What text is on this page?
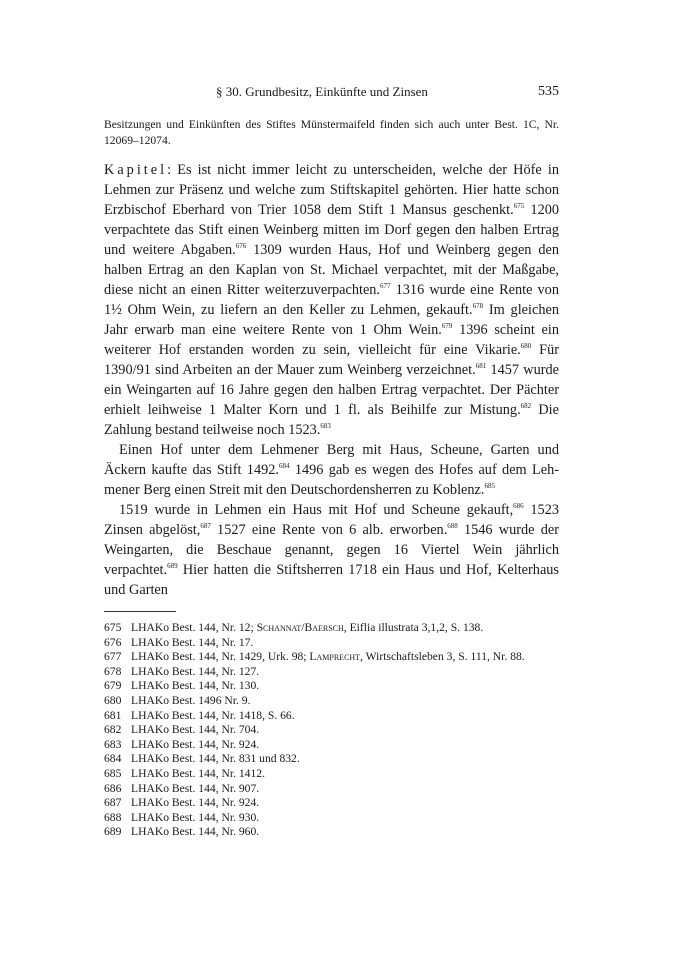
§ 30. Grundbesitz, Einkünfte und Zinsen	535
Besitzungen und Einkünften des Stiftes Münstermaifeld finden sich auch unter Best. 1C, Nr. 12069–12074.

Kapitel: Es ist nicht immer leicht zu unterscheiden, welche der Höfe in Lehmen zur Präsenz und welche zum Stiftskapitel gehörten. Hier hatte schon Erzbischof Eberhard von Trier 1058 dem Stift 1 Mansus geschenkt.$^{675}$ 1200 verpachtete das Stift einen Weinberg mitten im Dorf gegen den halben Ertrag und weitere Abgaben.$^{676}$ 1309 wurden Haus, Hof und Weinberg gegen den halben Ertrag an den Kaplan von St. Michael verpachtet, mit der Maßgabe, diese nicht an einen Ritter weiterzuverpachten.$^{677}$ 1316 wurde eine Rente von 1½ Ohm Wein, zu liefern an den Keller zu Lehmen, gekauft.$^{678}$ Im gleichen Jahr erwarb man eine weitere Rente von 1 Ohm Wein.$^{679}$ 1396 scheint ein weiterer Hof erstanden worden zu sein, vielleicht für eine Vikarie.$^{680}$ Für 1390/91 sind Arbeiten an der Mauer zum Weinberg verzeichnet.$^{681}$ 1457 wurde ein Weingarten auf 16 Jahre gegen den halben Ertrag verpachtet. Der Pächter erhielt leihweise 1 Malter Korn und 1 fl. als Beihilfe zur Mistung.$^{682}$ Die Zahlung bestand teilweise noch 1523.$^{683}$

Einen Hof unter dem Lehmener Berg mit Haus, Scheune, Garten und Äckern kaufte das Stift 1492.$^{684}$ 1496 gab es wegen des Hofes auf dem Lehmener Berg einen Streit mit den Deutschordensherren zu Koblenz.$^{685}$

1519 wurde in Lehmen ein Haus mit Hof und Scheune gekauft,$^{686}$ 1523 Zinsen abgelöst,$^{687}$ 1527 eine Rente von 6 alb. erworben.$^{688}$ 1546 wurde der Weingarten, die Beschaue genannt, gegen 16 Viertel Wein jährlich verpachtet.$^{689}$ Hier hatten die Stiftsherren 1718 ein Haus und Hof, Kelterhaus und Garten

675 LHAKo Best. 144, Nr. 12; Schannat/Baersch, Eiflia illustrata 3,1,2, S. 138.
676 LHAKo Best. 144, Nr. 17.
677 LHAKo Best. 144, Nr. 1429, Urk. 98; Lamprecht, Wirtschaftsleben 3, S. 111, Nr. 88.
678 LHAKo Best. 144, Nr. 127.
679 LHAKo Best. 144, Nr. 130.
680 LHAKo Best. 1496 Nr. 9.
681 LHAKo Best. 144, Nr. 1418, S. 66.
682 LHAKo Best. 144, Nr. 704.
683 LHAKo Best. 144, Nr. 924.
684 LHAKo Best. 144, Nr. 831 und 832.
685 LHAKo Best. 144, Nr. 1412.
686 LHAKo Best. 144, Nr. 907.
687 LHAKo Best. 144, Nr. 924.
688 LHAKo Best. 144, Nr. 930.
689 LHAKo Best. 144, Nr. 960.
